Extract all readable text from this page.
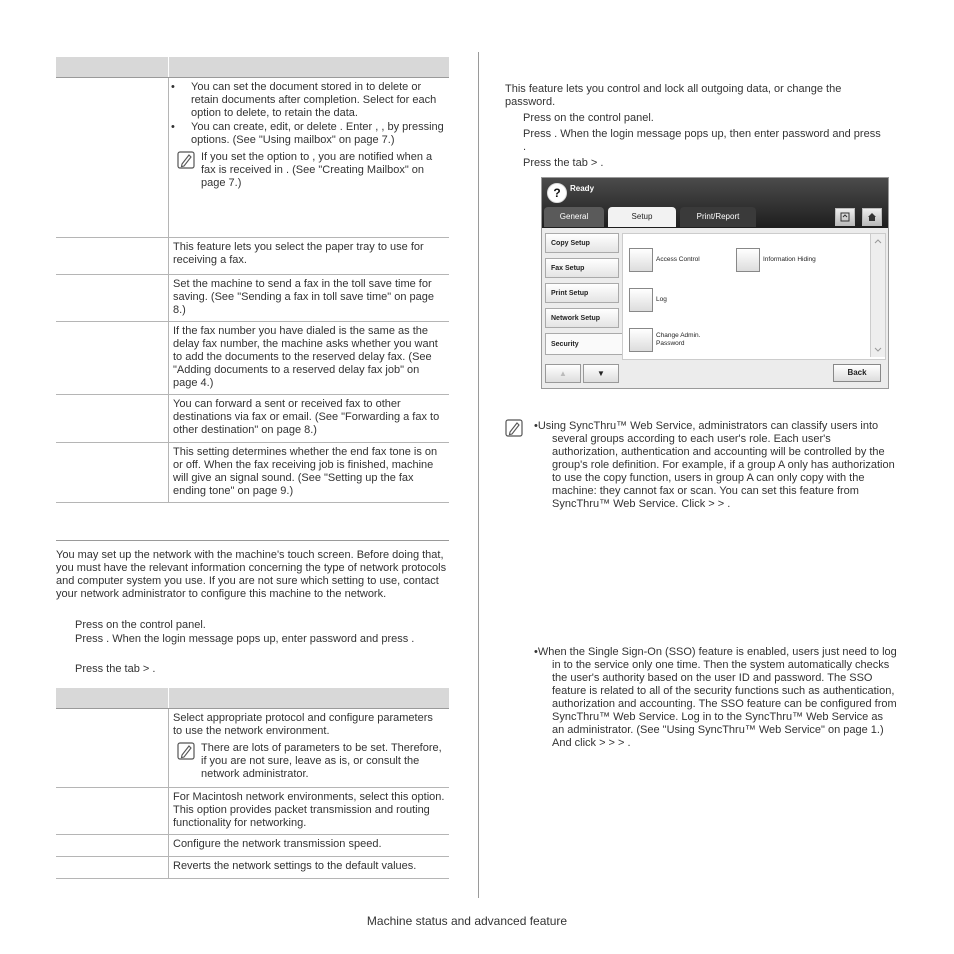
	• You can set the document stored in to delete or retain documents after completion. Select for each option to delete, to retain the data.
• You can create, edit, or delete . Enter , , by pressing options. (See "Using mailbox" on page 7.)
If you set the option to , you are notified when a fax is received in . (See "Creating Mailbox" on page 7.)

	This feature lets you select the paper tray to use for receiving a fax.
	Set the machine to send a fax in the toll save time for saving. (See "Sending a fax in toll save time" on page 8.)
	If the fax number you have dialed is the same as the delay fax number, the machine asks whether you want to add the documents to the reserved delay fax. (See "Adding documents to a reserved delay fax job" on page 4.)
	You can forward a sent or received fax to other destinations via fax or email. (See "Forwarding a fax to other destination" on page 8.)
	This setting determines whether the end fax tone is on or off. When the fax receiving job is finished, machine will give an signal sound. (See "Setting up the fax ending tone" on page 9.)
You may set up the network with the machine's touch screen. Before doing that, you must have the relevant information concerning the type of network protocols and computer system you use. If you are not sure which setting to use, contact your network administrator to configure this machine to the network.
Press on the control panel.
Press . When the login message pops up, enter password and press .
Press the tab > .

	Select appropriate protocol and configure parameters to use the network environment.
There are lots of parameters to be set. Therefore, if you are not sure, leave as is, or consult the network administrator.

	For Macintosh network environments, select this option. This option provides packet transmission and routing functionality for networking.
	Configure the network transmission speed.
	Reverts the network settings to the default values.
This feature lets you control and lock all outgoing data, or change the password.
Press on the control panel.
Press . When the login message pops up, then enter password and press .
Press the tab > .
?	Ready
General	Setup	Print/Report
Copy Setup
Fax Setup
Print Setup
Network Setup
Security
Access Control	Information Hiding
Log
Change Admin.
Password
▲	▼	Back
•Using SyncThru™ Web Service, administrators can classify users into several groups according to each user's role. Each user's authorization, authentication and accounting will be controlled by the group's role definition. For example, if a group A only has authorization to use the copy function, users in group A can only copy with the machine: they cannot fax or scan. You can set this feature from SyncThru™ Web Service. Click > > .
•When the Single Sign-On (SSO) feature is enabled, users just need to log in to the service only one time. Then the system automatically checks the user's authority based on the user ID and password. The SSO feature is related to all of the security functions such as authentication, authorization and accounting. The SSO feature can be configured from SyncThru™ Web Service. Log in to the SyncThru™ Web Service as an administrator. (See "Using SyncThru™ Web Service" on page 1.) And click > > > .
Machine status and advanced feature
